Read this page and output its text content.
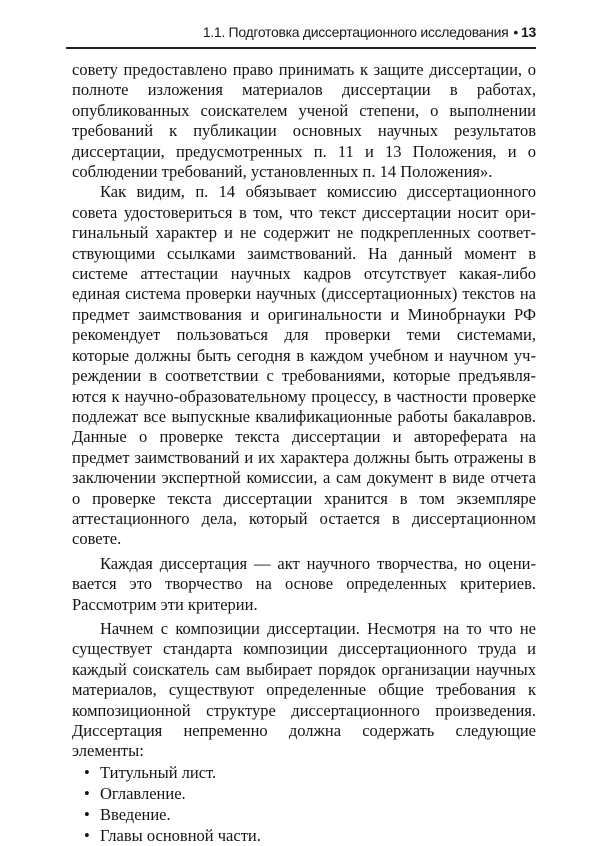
1.1. Подготовка диссертационного исследования • 13

совету предоставлено право принимать к защите диссертации, о полноте изложения материалов диссертации в работах, опубликованных соискателем ученой степени, о выполнении требований к публикации основных научных результатов диссертации, предусмотренных п. 11 и 13 Положения, и о соблюдении требований, установленных п. 14 Положения».

Как видим, п. 14 обязывает комиссию диссертационного совета удостовериться в том, что текст диссертации носит оригинальный характер и не содержит не подкрепленных соответствующими ссылками заимствований. На данный момент в системе аттестации научных кадров отсутствует какая-либо единая система проверки научных (диссертационных) текстов на предмет заимствования и оригинальности и Минобрнауки РФ рекомендует пользоваться для проверки теми системами, которые должны быть сегодня в каждом учебном и научном учреждении в соответствии с требованиями, которые предъявляются к научно-образовательному процессу, в частности проверке подлежат все выпускные квалификационные работы бакалавров. Данные о проверке текста диссертации и автореферата на предмет заимствований и их характера должны быть отражены в заключении экспертной комиссии, а сам документ в виде отчета о проверке текста диссертации хранится в том экземпляре аттестационного дела, который остается в диссертационном совете.

Каждая диссертация — акт научного творчества, но оценивается это творчество на основе определенных критериев. Рассмотрим эти критерии.

Начнем с композиции диссертации. Несмотря на то что не существует стандарта композиции диссертационного труда и каждый соискатель сам выбирает порядок организации научных материалов, существуют определенные общие требования к композиционной структуре диссертационного произведения. Диссертация непременно должна содержать следующие элементы:

• Титульный лист.
• Оглавление.
• Введение.
• Главы основной части.
